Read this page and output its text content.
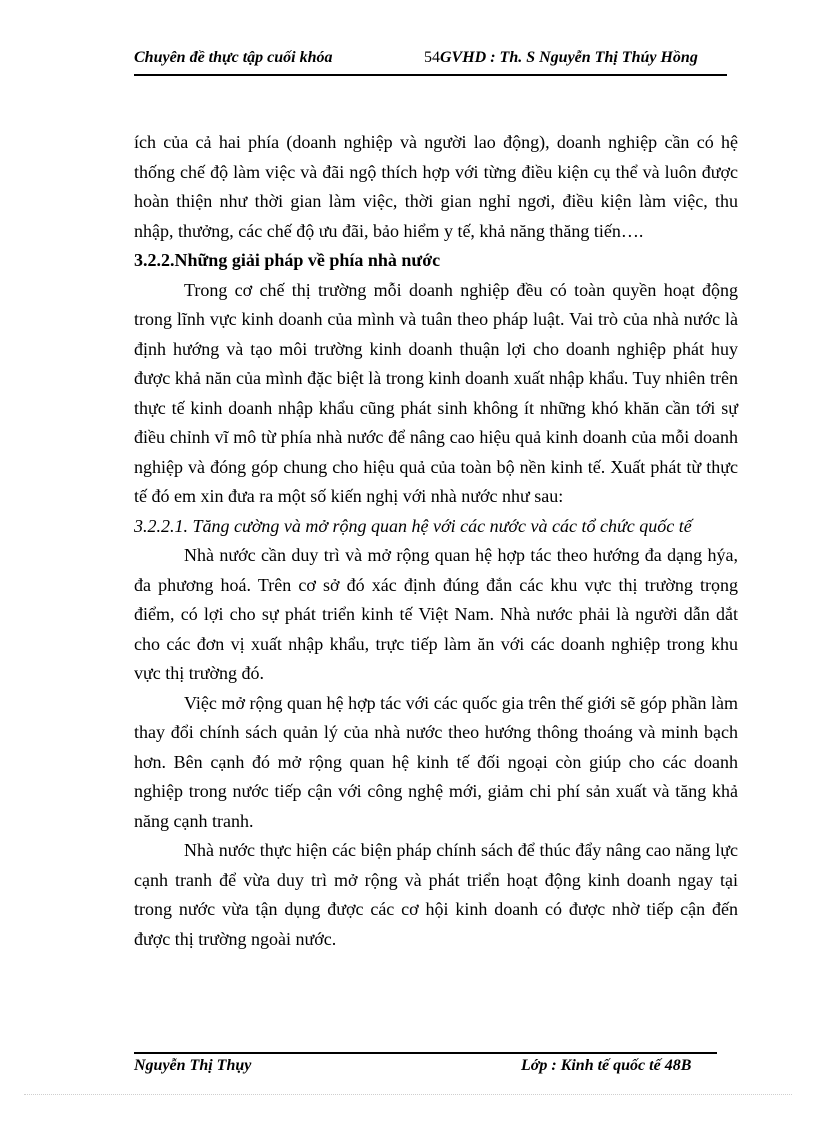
Chuyên đề thực tập cuối khóa	54GVHD : Th. S Nguyễn Thị Thúy Hồng

ích của cả hai phía (doanh nghiệp và người lao động), doanh nghiệp cần có hệ thống chế độ làm việc và đãi ngộ thích hợp với từng điều kiện cụ thể và luôn được hoàn thiện như thời gian làm việc, thời gian nghỉ ngơi, điều kiện làm việc, thu nhập, thưởng, các chế độ ưu đãi, bảo hiểm y tế, khả năng thăng tiến….

3.2.2.Những giải pháp về phía nhà nước

Trong cơ chế thị trường mỗi doanh nghiệp đều có toàn quyền hoạt động trong lĩnh vực kinh doanh của mình và tuân theo pháp luật. Vai trò của nhà nước là định hướng và tạo môi trường kinh doanh thuận lợi cho doanh nghiệp phát huy được khả năn của mình đặc biệt là trong kinh doanh xuất nhập khẩu. Tuy nhiên trên thực tế kinh doanh nhập khẩu cũng phát sinh không ít những khó khăn cần tới sự điều chỉnh vĩ mô từ phía nhà nước để nâng cao hiệu quả kinh doanh của mỗi doanh nghiệp và đóng góp chung cho hiệu quả của toàn bộ nền kinh tế. Xuất phát từ thực tế đó em xin đưa ra một số kiến nghị với nhà nước như sau:

3.2.2.1. Tăng cường và mở rộng quan hệ với các nước và các tổ chức quốc tế

Nhà nước cần duy trì và mở rộng quan hệ hợp tác theo hướng đa dạng hýa, đa phương hoá. Trên cơ sở đó xác định đúng đắn các khu vực thị trường trọng điểm, có lợi cho sự phát triển kinh tế Việt Nam. Nhà nước phải là người dẫn dắt cho các đơn vị xuất nhập khẩu, trực tiếp làm ăn với các doanh nghiệp trong khu vực thị trường đó.

Việc mở rộng quan hệ hợp tác với các quốc gia trên thế giới sẽ góp phần làm thay đổi chính sách quản lý của nhà nước theo hướng thông thoáng và minh bạch hơn. Bên cạnh đó mở rộng quan hệ kinh tế đối ngoại còn giúp cho các doanh nghiệp trong nước tiếp cận với công nghệ mới, giảm chi phí sản xuất và tăng khả năng cạnh tranh.

Nhà nước thực hiện các biện pháp chính sách để thúc đẩy nâng cao năng lực cạnh tranh để vừa duy trì mở rộng và phát triển hoạt động kinh doanh ngay tại trong nước vừa tận dụng được các cơ hội kinh doanh có được nhờ tiếp cận đến được thị trường ngoài nước.

Nguyễn Thị Thụy	Lớp : Kinh tế quốc tế 48B
